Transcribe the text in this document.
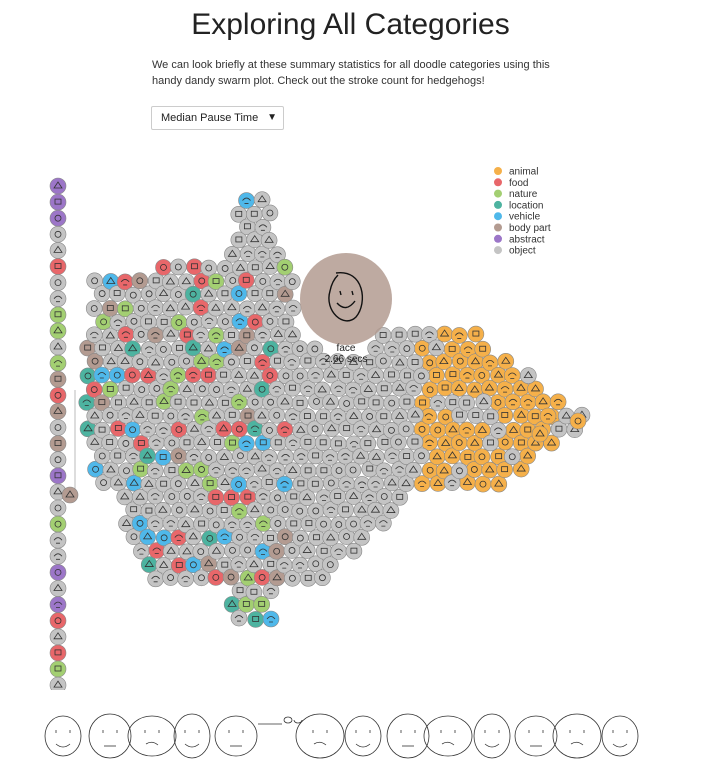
Exploring All Categories

We can look briefly at these summary statistics for all doodle categories using this handy dandy swarm plot. Check out the stroke count for hedgehogs!

Median Pause Time ▼
face
2.66 secs
animal
food
nature
location
vehicle
body part
abstract
object
